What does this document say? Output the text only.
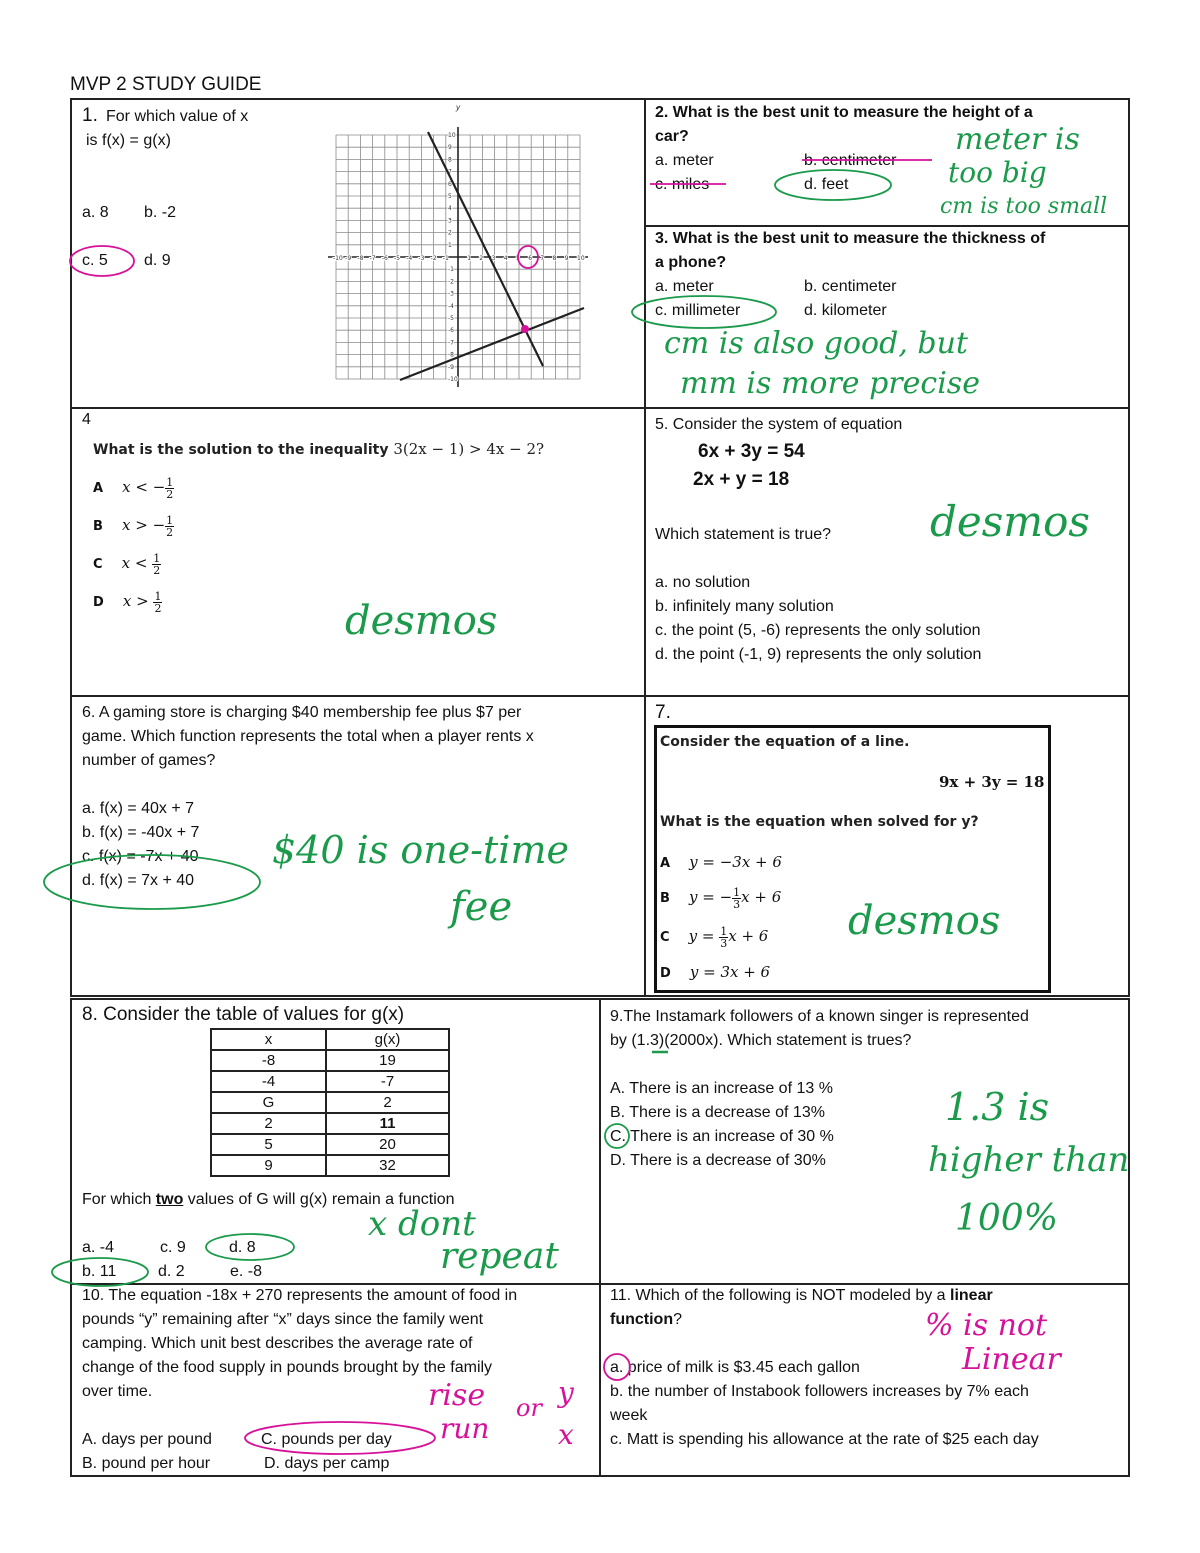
MVP 2 STUDY GUIDE
1. For which value of x
is f(x) = g(x)
a. 8 b. -2
c. 5 d. 9	-10
-10
-9
-9
-8
-8
-7
-7
-6
-6
-5
-5
-4
-4
-3
-3
-2
-2
-1
-1
1
1
2
2
3
3
4
4
5
5
6
6
7
7
8
8
9
9
10
10
y	2. What is the best unit to measure the height of a
car?
a. meter	b. centimeter
c. miles	d. feet
meter is
too big
cm is too small
3. What is the best unit to measure the thickness of
a phone?
a. meter	b. centimeter
c. millimeter	d. kilometer
cm is also good, but
mm is more precise
4
What is the solution to the inequality 3(2x − 1) > 4x − 2?
A x < − $\frac{1}{2}$
B x > − $\frac{1}{2}$
C $x < \frac{1}{2}$
D $x > \frac{1}{2}$	desmos
5. Consider the system of equation
6x + 3y = 54
2x + y = 18
Which statement is true?
a. no solution
b. infinitely many solution
c. the point (5, -6) represents the only solution
d. the point (-1, 9) represents the only solution
desmos
6. A gaming store is charging $40 membership fee plus $7 per
game. Which function represents the total when a player rents x
number of games?
a. f(x) = 40x + 7
b. f(x) = -40x + 7
c. f(x) = -7x + 40
d. f(x) = 7x + 40
$40 is one-time
fee
7.
Consider the equation of a line.
9x + 3y = 18
What is the equation when solved for y?
A y = −3x + 6
B y = − $\frac{1}{3}$ x + 6
C $y = \frac{1}{3}$ x + 6
D y = 3x + 6
desmos
8. Consider the table of values for g(x)
x	g(x)
-8	19
-4	-7
G	2
2	11
5	20
9	32
For which two values of G will g(x) remain a function
a. -4	c. 9	d. 8
b. 11	d. 2	e. -8
x dont
repeat
9.The Instamark followers of a known singer is represented
by (1.3)(2000x). Which statement is trues?
A. There is an increase of 13 %
B. There is a decrease of 13%
C. There is an increase of 30 %
D. There is a decrease of 30%
1.3 is
higher than
100%
10. The equation -18x + 270 represents the amount of food in
pounds “y” remaining after “x” days since the family went
camping. Which unit best describes the average rate of
change of the food supply in pounds brought by the family
over time.
A. days per pound	C. pounds per day
B. pound per hour	D. days per camp
rise
run
or y
x
11. Which of the following is NOT modeled by a linear
function?
a. price of milk is $3.45 each gallon
b. the number of Instabook followers increases by 7% each
week
c. Matt is spending his allowance at the rate of $25 each day
% is not
Linear
